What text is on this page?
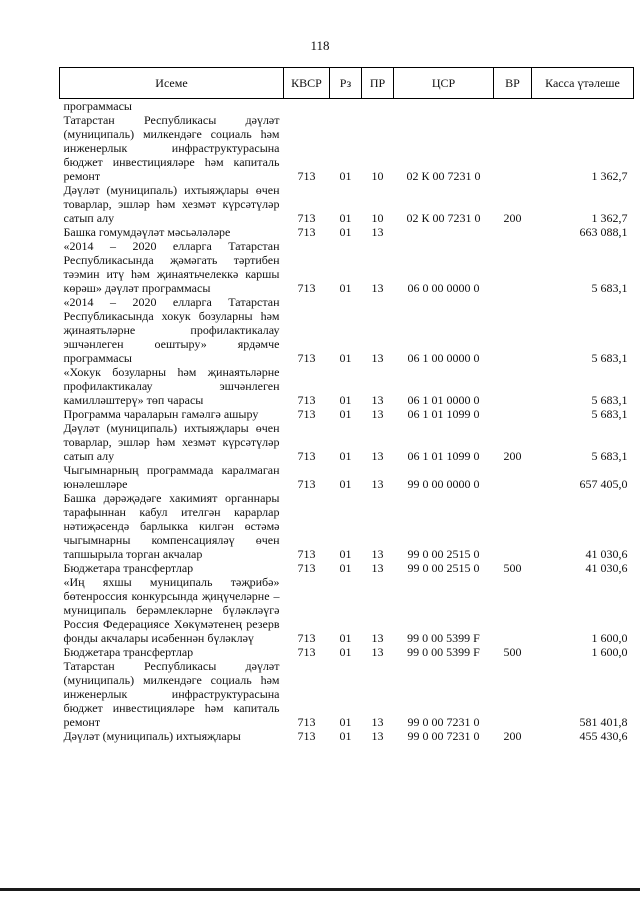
118
Исеме	КВСР	Рз	ПР	ЦСР	ВР	Касса үтәлеше
программасы						
Татарстан Республикасы дәүләт (муниципаль) милкендәге социаль һәм инженерлык инфраструктурасына бюджет инвестицияләре һәм капиталь ремонт	713	01	10	02 К 00 7231 0		1 362,7
Дәүләт (муниципаль) ихтыяҗлары өчен товарлар, эшләр һәм хезмәт күрсәтүләр сатып алу	713	01	10	02 К 00 7231 0	200	1 362,7
Башка гомумдәүләт мәсьәләләре	713	01	13			663 088,1
«2014 – 2020 елларга Татарстан Республикасында җәмәгать тәртибен тәэмин итү һәм җинаятьчелеккә каршы көрәш» дәүләт программасы	713	01	13	06 0 00 0000 0		5 683,1
«2014 – 2020 елларга Татарстан Республикасында хокук бозуларны һәм җинаятьләрне профилактикалау эшчәнлеген оештыру» ярдәмче программасы	713	01	13	06 1 00 0000 0		5 683,1
«Хокук бозуларны һәм җинаятьләрне профилактикалау эшчәнлеген камилләштерү» төп чарасы	713	01	13	06 1 01 0000 0		5 683,1
Программа чараларын гамәлгә ашыру	713	01	13	06 1 01 1099 0		5 683,1
Дәүләт (муниципаль) ихтыяҗлары өчен товарлар, эшләр һәм хезмәт күрсәтүләр сатып алу	713	01	13	06 1 01 1099 0	200	5 683,1
Чыгымнарның программада каралмаган юнәлешләре	713	01	13	99 0 00 0000 0		657 405,0
Башка дәрәҗәдәге хакимият органнары тарафыннан кабул ителгән карарлар нәтиҗәсендә барлыкка килгән өстәмә чыгымнарны компенсацияләү өчен тапшырыла торган акчалар	713	01	13	99 0 00 2515 0		41 030,6
Бюджетара трансфертлар	713	01	13	99 0 00 2515 0	500	41 030,6
«Иң яхшы муниципаль тәҗрибә» бөтенроссия конкурсында җиңүчеләрне – муниципаль берәмлекләрне бүләкләүгә Россия Федерациясе Хөкүмәтенең резерв фонды акчалары исәбеннән бүләкләү	713	01	13	99 0 00 5399 F		1 600,0
Бюджетара трансфертлар	713	01	13	99 0 00 5399 F	500	1 600,0
Татарстан Республикасы дәүләт (муниципаль) милкендәге социаль һәм инженерлык инфраструктурасына бюджет инвестицияләре һәм капиталь ремонт	713	01	13	99 0 00 7231 0		581 401,8
Дәүләт (муниципаль) ихтыяҗлары	713	01	13	99 0 00 7231 0	200	455 430,6
